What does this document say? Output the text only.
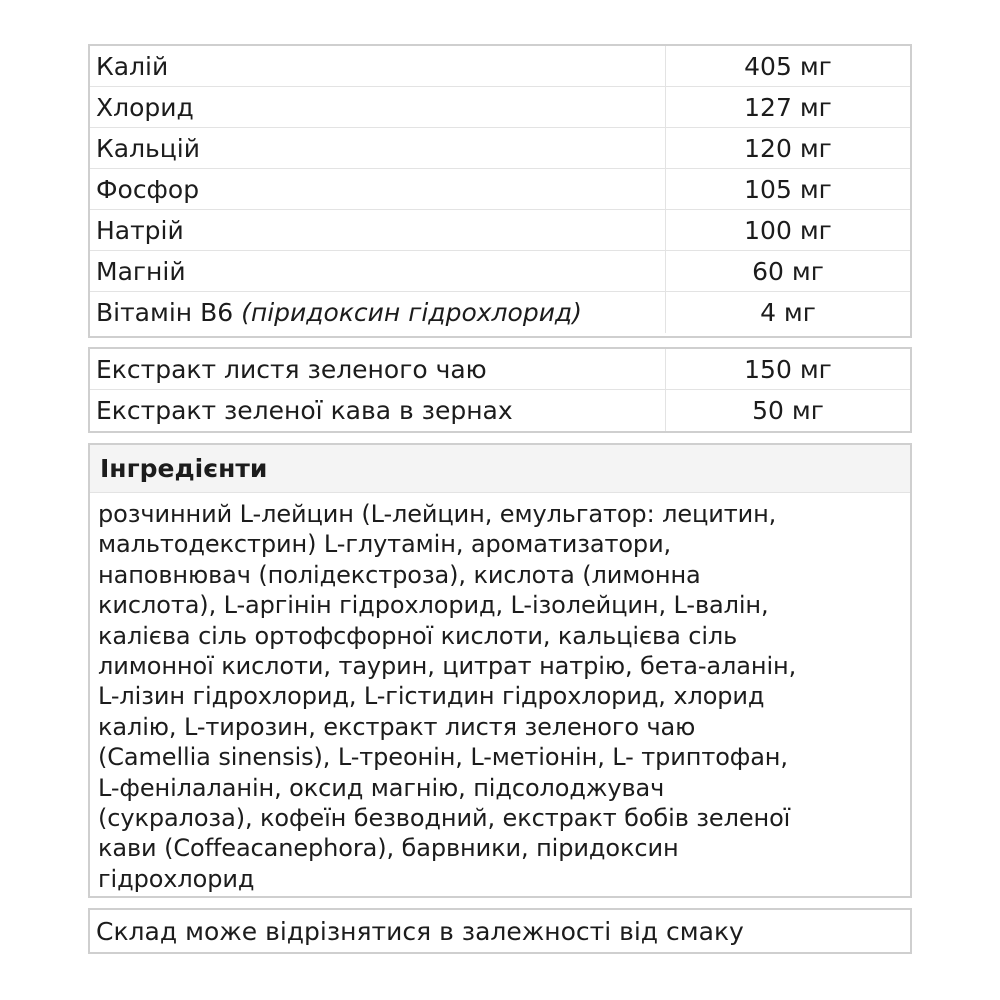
Калій	405 мг
Хлорид	127 мг
Кальцій	120 мг
Фосфор	105 мг
Натрій	100 мг
Магній	60 мг
Вітамін В6 (піридоксин гідрохлорид)	4 мг
Екстракт листя зеленого чаю	150 мг
Екстракт зеленої кава в зернах	50 мг
Інгредієнти
розчинний L-лейцин (L-лейцин, емульгатор: лецитин,
мальтодекстрин) L-глутамін, ароматизатори,
наповнювач (полідекстроза), кислота (лимонна
кислота), L-аргінін гідрохлорид, L-ізолейцин, L-валін,
калієва сіль ортофсфорної кислоти, кальцієва сіль
лимонної кислоти, таурин, цитрат натрію, бета-аланін,
L-лізин гідрохлорид, L-гістидин гідрохлорид, хлорид
калію, L-тирозин, екстракт листя зеленого чаю
(Camellia sinensis), L-треонін, L-метіонін, L- триптофан,
L-фенілаланін, оксид магнію, підсолоджувач
(сукралоза), кофеїн безводний, екстракт бобів зеленої
кави (Coffeacanephora), барвники, піридоксин
гідрохлорид
Склад може відрізнятися в залежності від смаку
